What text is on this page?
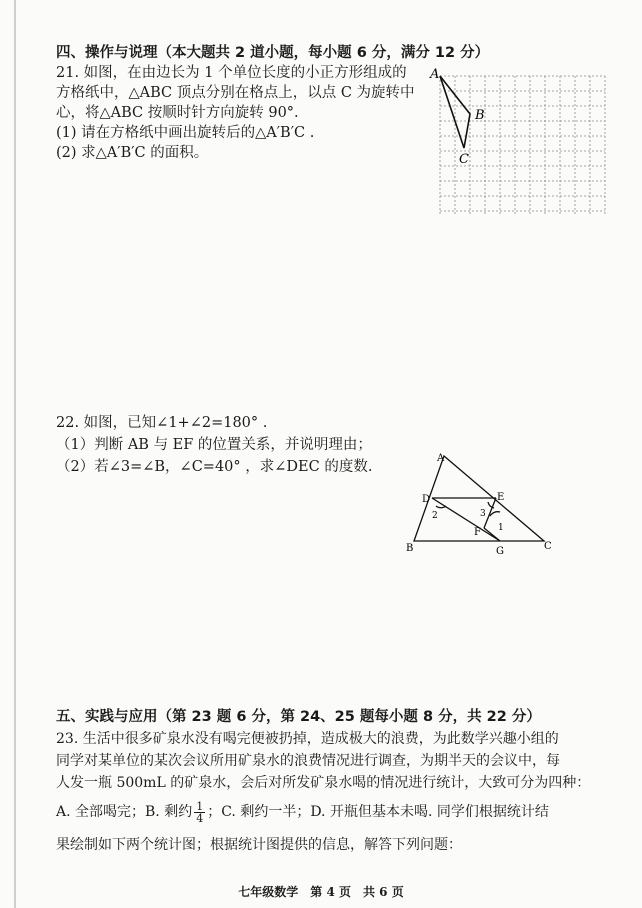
四、操作与说理（本大题共 2 道小题，每小题 6 分，满分 12 分）
21. 如图，在由边长为 1 个单位长度的小正方形组成的
方格纸中，△ABC 顶点分别在格点上，以点 C 为旋转中
心，将△ABC 按顺时针方向旋转 90°.
(1) 请在方格纸中画出旋转后的△A′B′C .
(2) 求△A′B′C 的面积。
A
B
C
22. 如图，已知∠1+∠2=180° .
（1）判断 AB 与 EF 的位置关系，并说明理由；
（2）若∠3=∠B，∠C=40° ，求∠DEC 的度数.
A
D	E
2	3
1
F
B	G	C
五、实践与应用（第 23 题 6 分，第 24、25 题每小题 8 分，共 22 分）
23. 生活中很多矿泉水没有喝完便被扔掉，造成极大的浪费，为此数学兴趣小组的
同学对某单位的某次会议所用矿泉水的浪费情况进行调查，为期半天的会议中，每
人发一瓶 500mL 的矿泉水，会后对所发矿泉水喝的情况进行统计，大致可分为四种：
A. 全部喝完；B. 剩约 $\frac{1}{4}$ ；C. 剩约一半；D. 开瓶但基本未喝. 同学们根据统计结
果绘制如下两个统计图；根据统计图提供的信息，解答下列问题：
七年级数学　第 4 页　共 6 页
